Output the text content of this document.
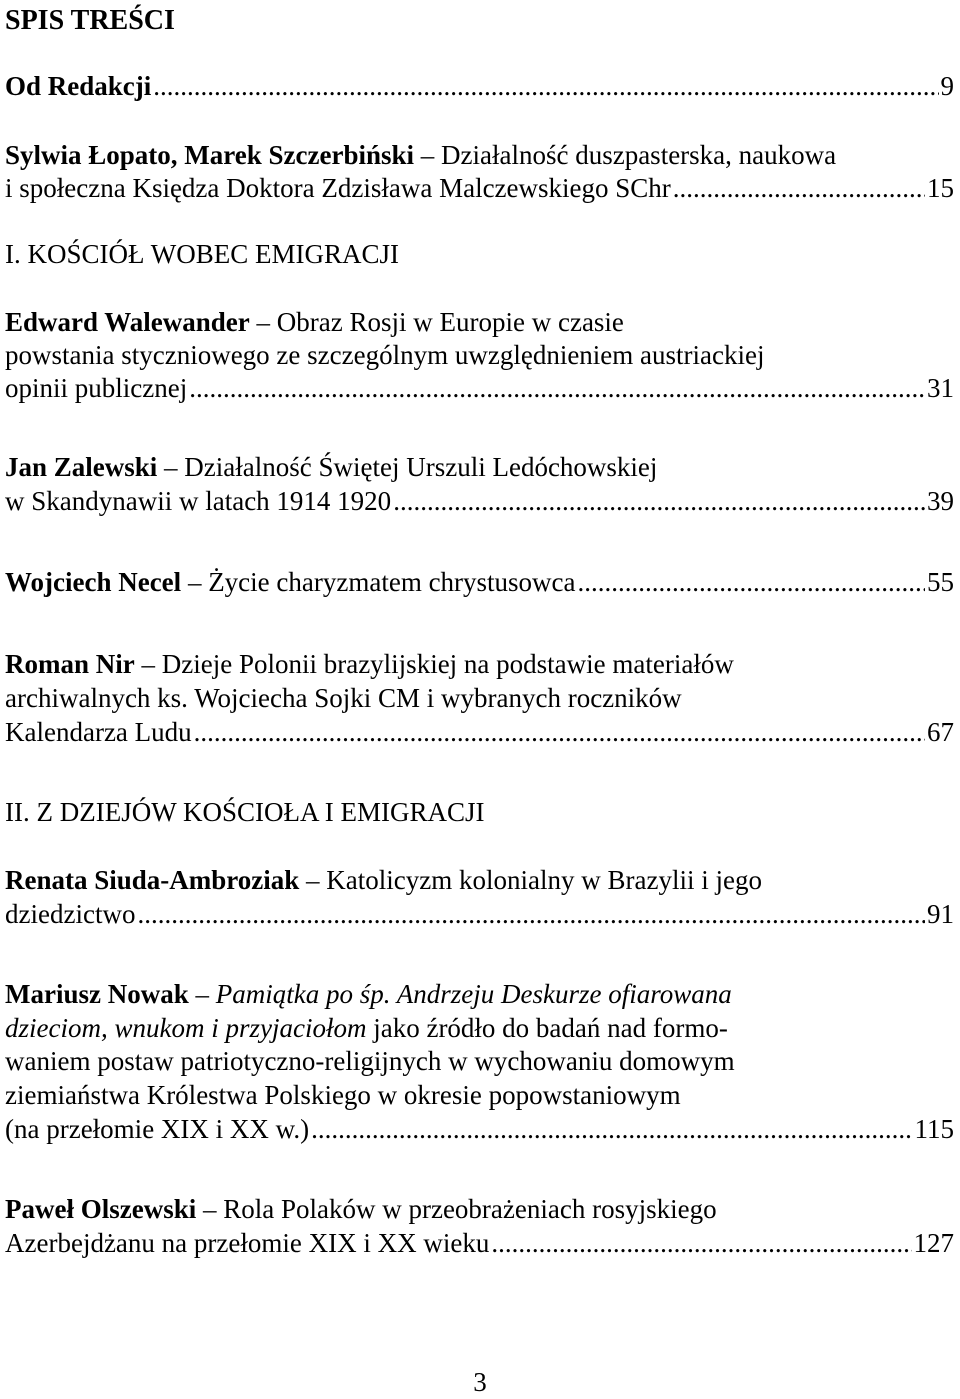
SPIS TREŚCI
Od Redakcji .....	9
Sylwia Łopato, Marek Szczerbiński – Działalność duszpasterska, naukowa
i społeczna Księdza Doktora Zdzisława Malczewskiego SChr .....	15
I. KOŚCIÓŁ WOBEC EMIGRACJI
Edward Walewander – Obraz Rosji w Europie w czasie
powstania styczniowego ze szczególnym uwzględnieniem austriackiej
opinii publicznej .....	31
Jan Zalewski – Działalność Świętej Urszuli Ledóchowskiej
w Skandynawii w latach 1914 1920 .....	39
Wojciech Necel – Życie charyzmatem chrystusowca .....	55
Roman Nir – Dzieje Polonii brazylijskiej na podstawie materiałów
archiwalnych ks. Wojciecha Sojki CM i wybranych roczników
Kalendarza Ludu .....	67
II. Z DZIEJÓW KOŚCIOŁA I EMIGRACJI
Renata Siuda-Ambroziak – Katolicyzm kolonialny w Brazylii i jego
dziedzictwo .....	91
Mariusz Nowak – Pamiątka po śp. Andrzeju Deskurze ofiarowana
dzieciom, wnukom i przyjaciołom jako źródło do badań nad formo-
waniem postaw patriotyczno-religijnych w wychowaniu domowym
ziemiaństwa Królestwa Polskiego w okresie popowstaniowym
(na przełomie XIX i XX w.) .....	115
Paweł Olszewski – Rola Polaków w przeobrażeniach rosyjskiego
Azerbejdżanu na przełomie XIX i XX wieku .....	127
3
